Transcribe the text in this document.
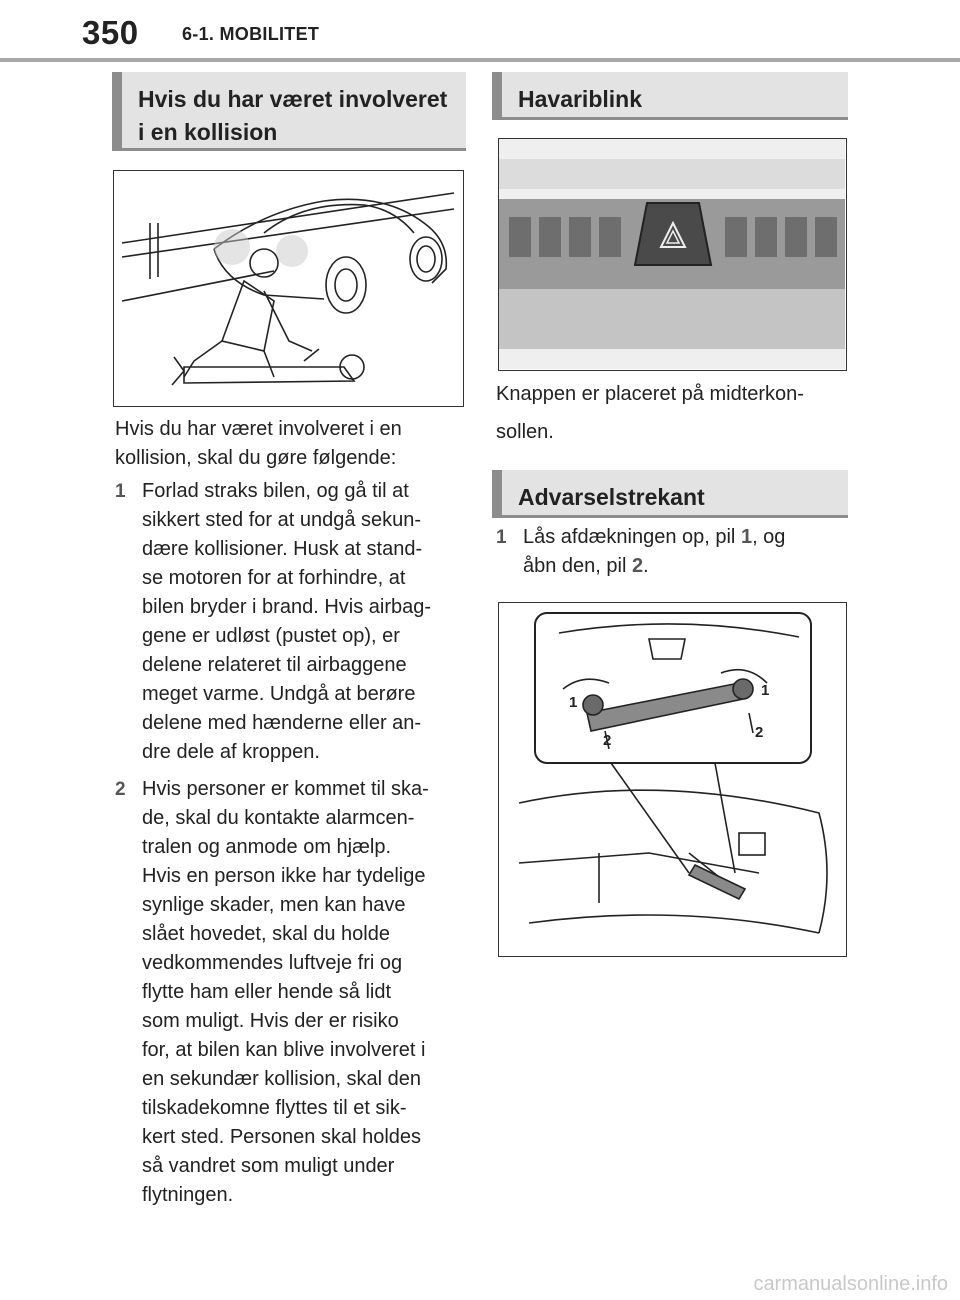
350 6-1. MOBILITET
Hvis du har været involveret
i en kollision

Hvis du har været involveret i en

kollision, skal du gøre følgende:

1 Forlad straks bilen, og gå til at

sikkert sted for at undgå sekun-

dære kollisioner. Husk at stand-

se motoren for at forhindre, at

bilen bryder i brand. Hvis airbag-

gene er udløst (pustet op), er

delene relateret til airbaggene

meget varme. Undgå at berøre

delene med hænderne eller an-

dre dele af kroppen.

2 Hvis personer er kommet til ska-

de, skal du kontakte alarmcen-

tralen og anmode om hjælp.

Hvis en person ikke har tydelige

synlige skader, men kan have

slået hovedet, skal du holde

vedkommendes luftveje fri og

flytte ham eller hende så lidt

som muligt. Hvis der er risiko

for, at bilen kan blive involveret i

en sekundær kollision, skal den

tilskadekomne flyttes til et sik-

kert sted. Personen skal holdes

så vandret som muligt under

flytningen.

Havariblink

Knappen er placeret på midterkon-

sollen.

Advarselstrekant
1 Lås afdækningen op, pil 1, og

åbn den, pil 2.

1
1
2	2
carmanualsonline.info
